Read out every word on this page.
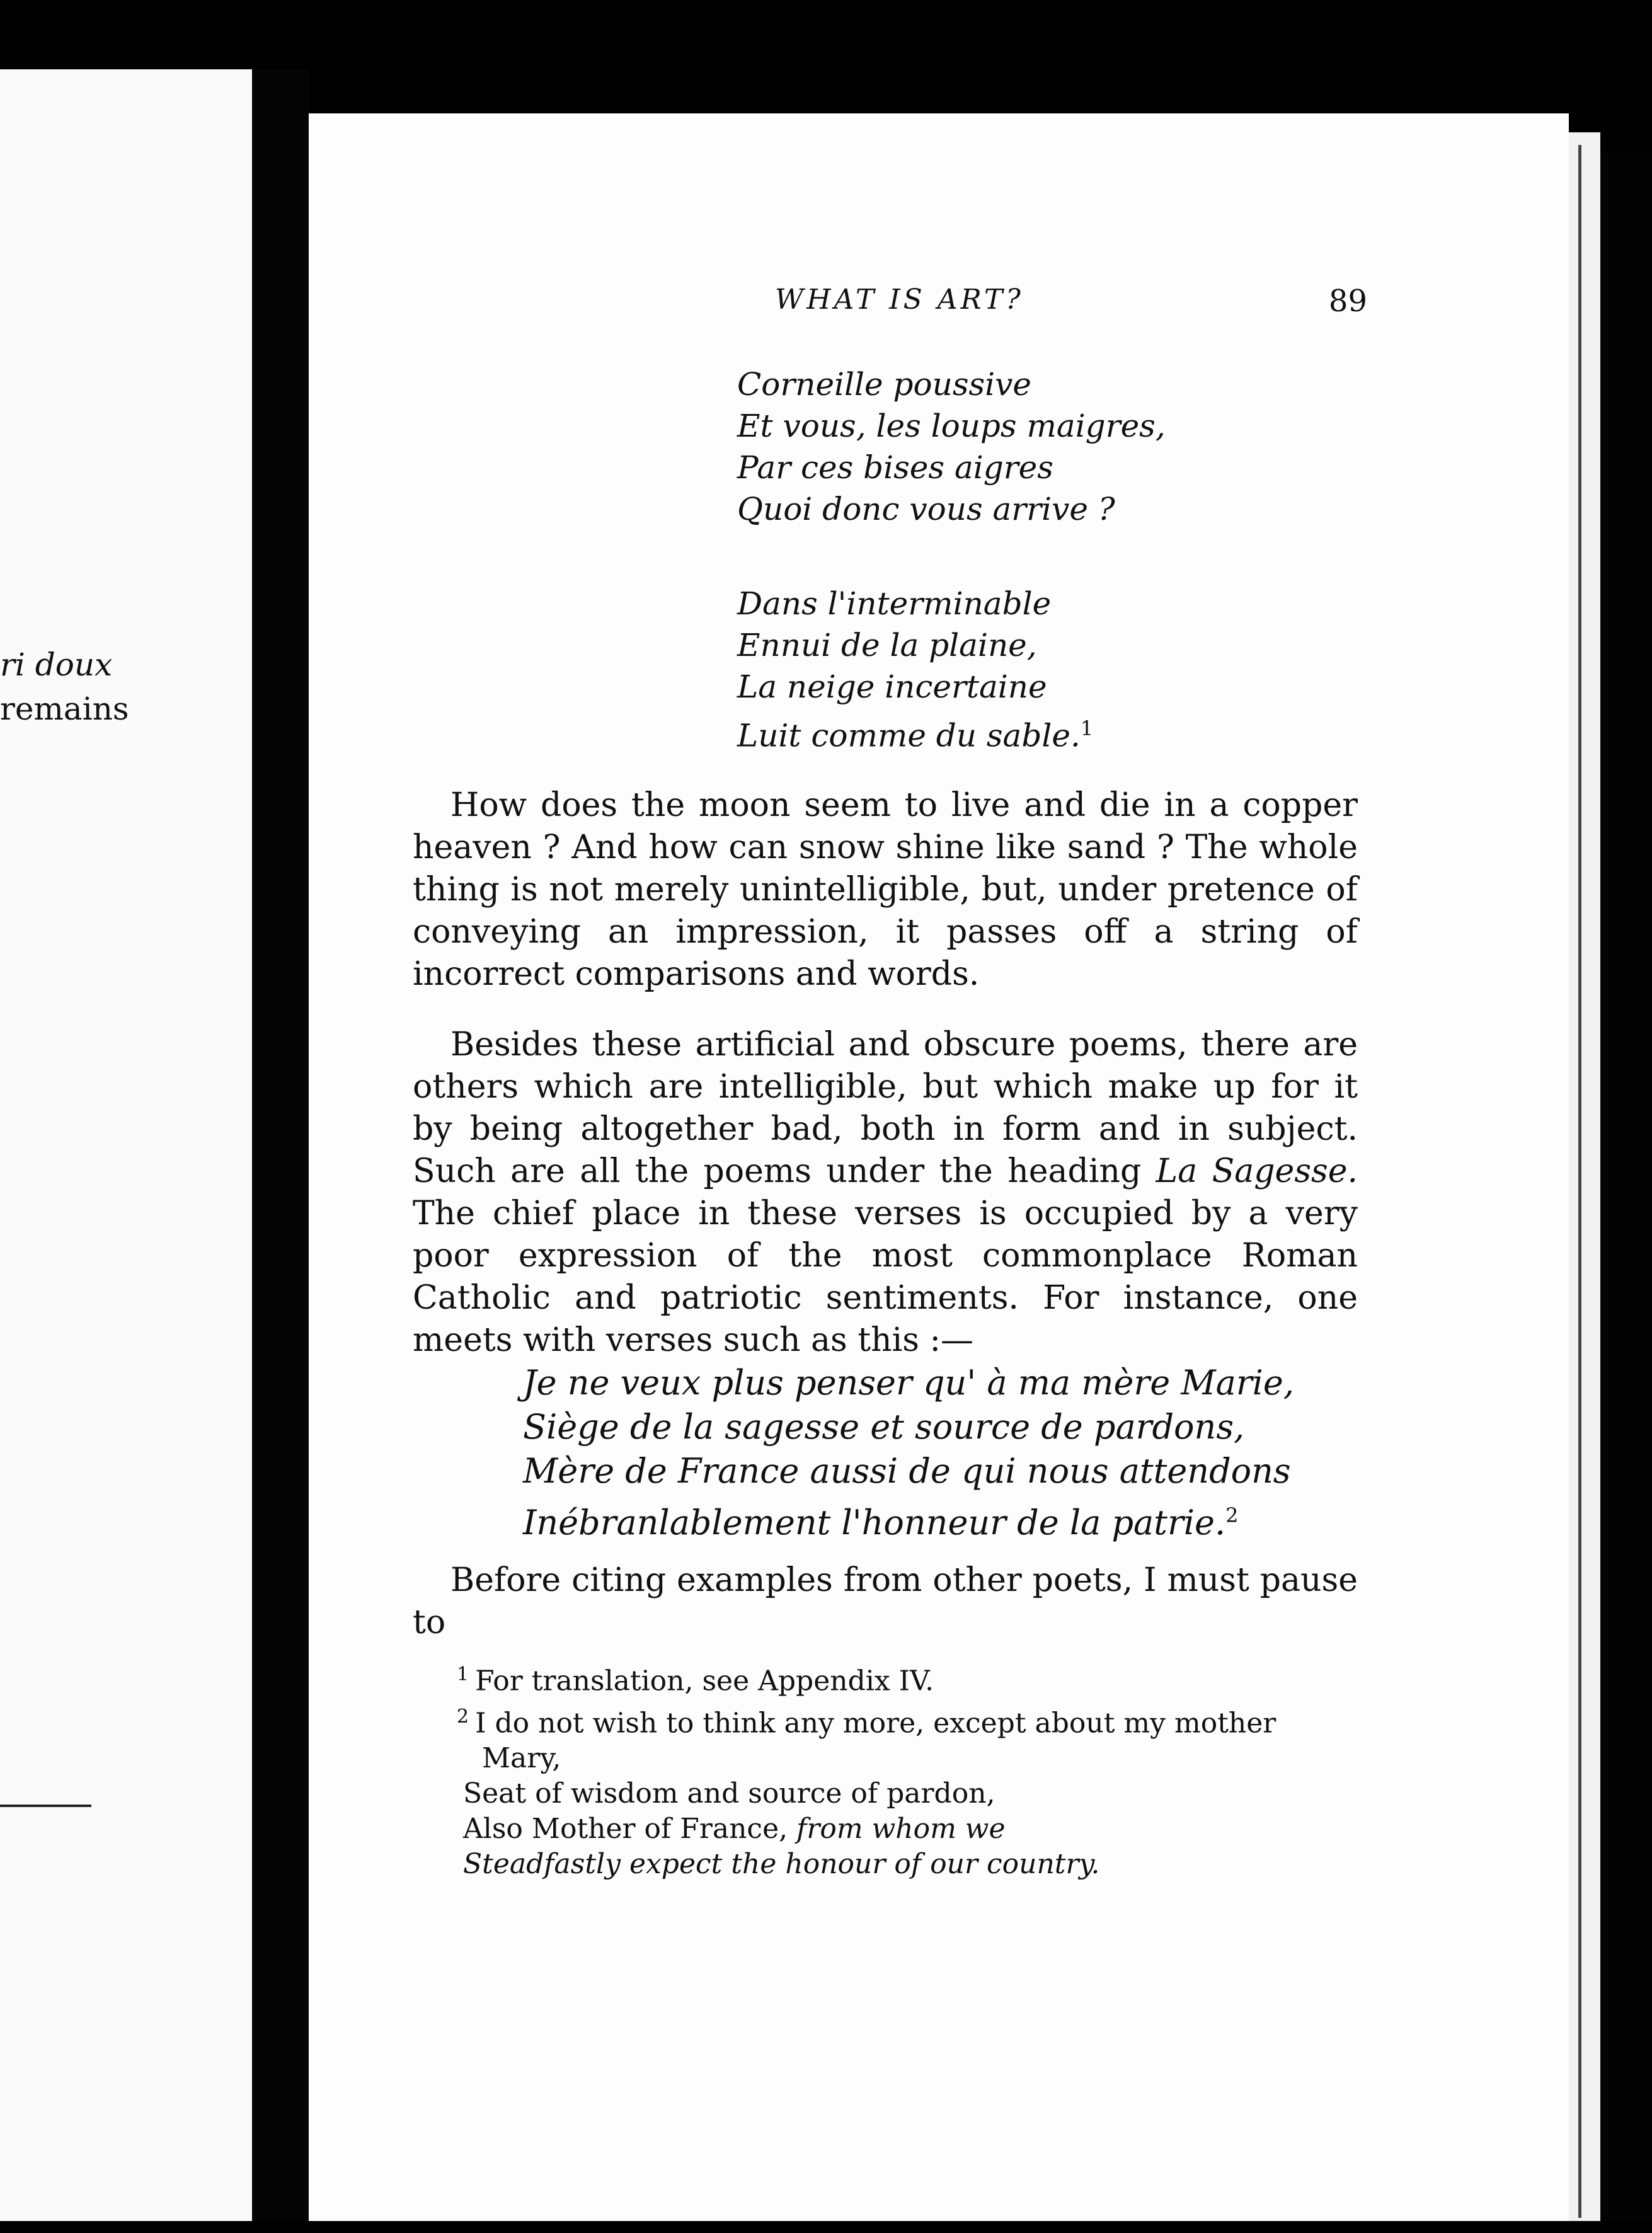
ri doux
remains
WHAT IS ART?	89
Corneille poussive
Et vous, les loups maigres,
Par ces bises aigres
Quoi donc vous arrive ?
Dans l'interminable
Ennui de la plaine,
La neige incertaine
Luit comme du sable.$^1$
How does the moon seem to live and die in a copper heaven ? And how can snow shine like sand ? The whole thing is not merely unintelligible, but, under pretence of conveying an impression, it passes off a string of incorrect comparisons and words.
Besides these artificial and obscure poems, there are others which are intelligible, but which make up for it by being altogether bad, both in form and in subject. Such are all the poems under the heading La Sagesse. The chief place in these verses is occupied by a very poor expression of the most commonplace Roman Catholic and patriotic sentiments. For instance, one meets with verses such as this :—
Je ne veux plus penser qu' à ma mère Marie,
Siège de la sagesse et source de pardons,
Mère de France aussi de qui nous attendons
Inébranlablement l'honneur de la patrie.$^2$
Before citing examples from other poets, I must pause to
$^1$ For translation, see Appendix IV.
$^2$ I do not wish to think any more, except about my mother
Mary,
Seat of wisdom and source of pardon,
Also Mother of France, from whom we
Steadfastly expect the honour of our country.
